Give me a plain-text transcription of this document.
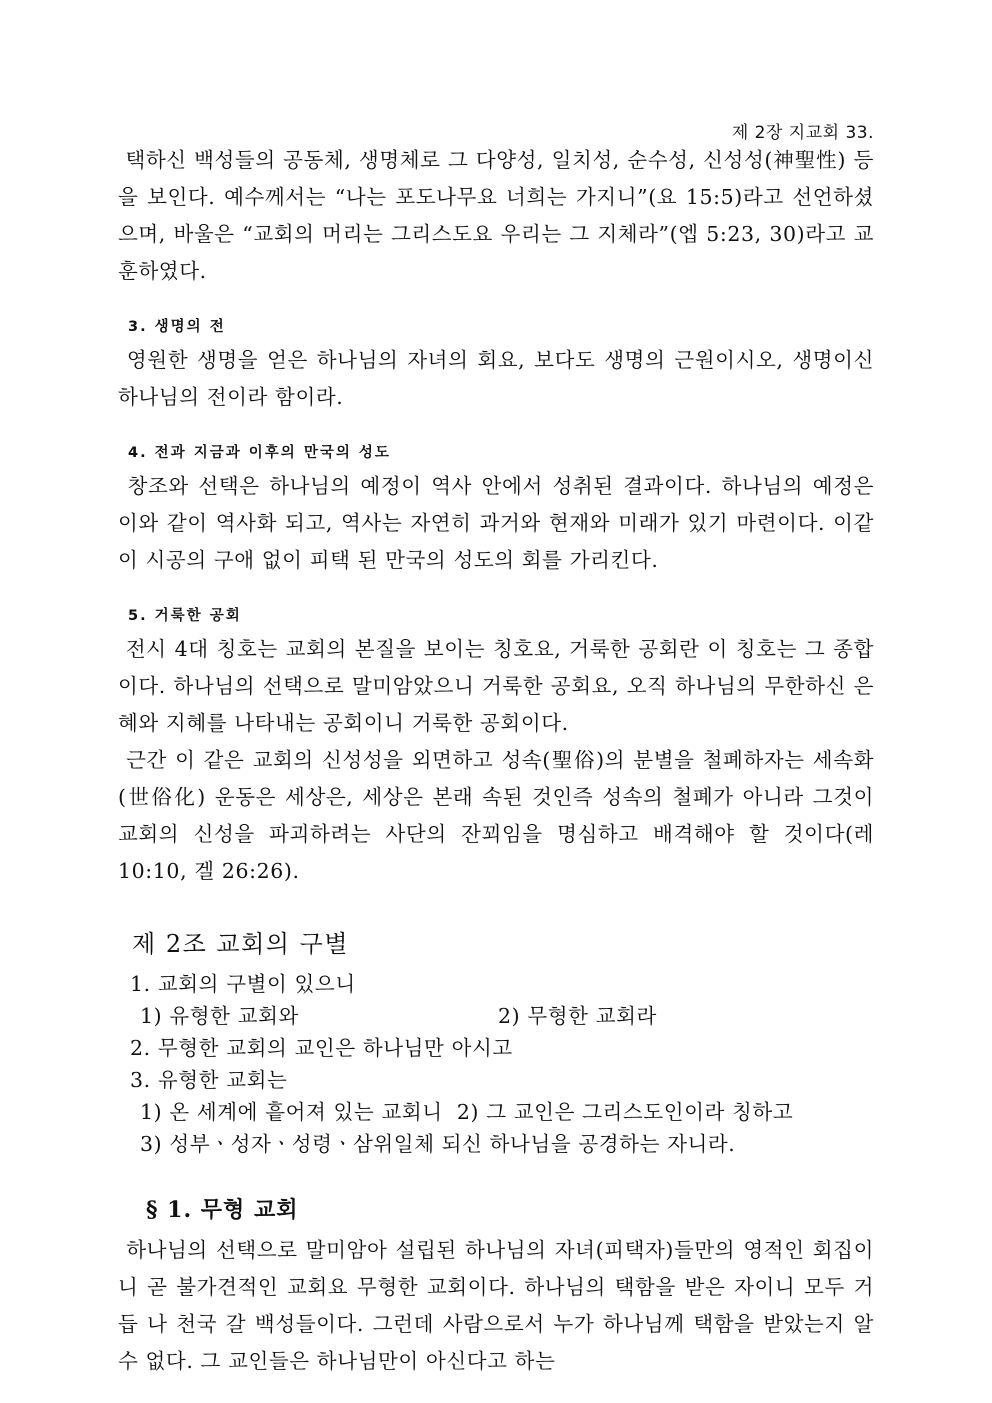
제 2장 지교회 33.

택하신 백성들의 공동체, 생명체로 그 다양성, 일치성, 순수성, 신성성(神聖性) 등을 보인다. 예수께서는 “나는 포도나무요 너희는 가지니”(요 15:5)라고 선언하셨으며, 바울은 “교회의 머리는 그리스도요 우리는 그 지체라”(엡 5:23, 30)라고 교훈하였다.

3. 생명의 전

영원한 생명을 얻은 하나님의 자녀의 회요, 보다도 생명의 근원이시오, 생명이신 하나님의 전이라 함이라.

4. 전과 지금과 이후의 만국의 성도

창조와 선택은 하나님의 예정이 역사 안에서 성취된 결과이다. 하나님의 예정은 이와 같이 역사화 되고, 역사는 자연히 과거와 현재와 미래가 있기 마련이다. 이같이 시공의 구애 없이 피택 된 만국의 성도의 회를 가리킨다.

5. 거룩한 공회

전시 4대 칭호는 교회의 본질을 보이는 칭호요, 거룩한 공회란 이 칭호는 그 종합이다. 하나님의 선택으로 말미암았으니 거룩한 공회요, 오직 하나님의 무한하신 은혜와 지혜를 나타내는 공회이니 거룩한 공회이다.

근간 이 같은 교회의 신성성을 외면하고 성속(聖俗)의 분별을 철폐하자는 세속화(世俗化) 운동은 세상은, 세상은 본래 속된 것인즉 성속의 철폐가 아니라 그것이 교회의 신성을 파괴하려는 사단의 잔꾀임을 명심하고 배격해야 할 것이다(레 10:10, 겔 26:26).

제 2조 교회의 구별

1. 교회의 구별이 있으니

1) 유형한 교회와	2) 무형한 교회라

2. 무형한 교회의 교인은 하나님만 아시고

3. 유형한 교회는

1) 온 세계에 흩어져 있는 교회니  2) 그 교인은 그리스도인이라 칭하고

3) 성부ㆍ성자ㆍ성령ㆍ삼위일체 되신 하나님을 공경하는 자니라.

§ 1. 무형 교회

하나님의 선택으로 말미암아 설립된 하나님의 자녀(피택자)들만의 영적인 회집이니 곧 불가견적인 교회요 무형한 교회이다. 하나님의 택함을 받은 자이니 모두 거듭 나 천국 갈 백성들이다. 그런데 사람으로서 누가 하나님께 택함을 받았는지 알 수 없다. 그 교인들은 하나님만이 아신다고 하는
